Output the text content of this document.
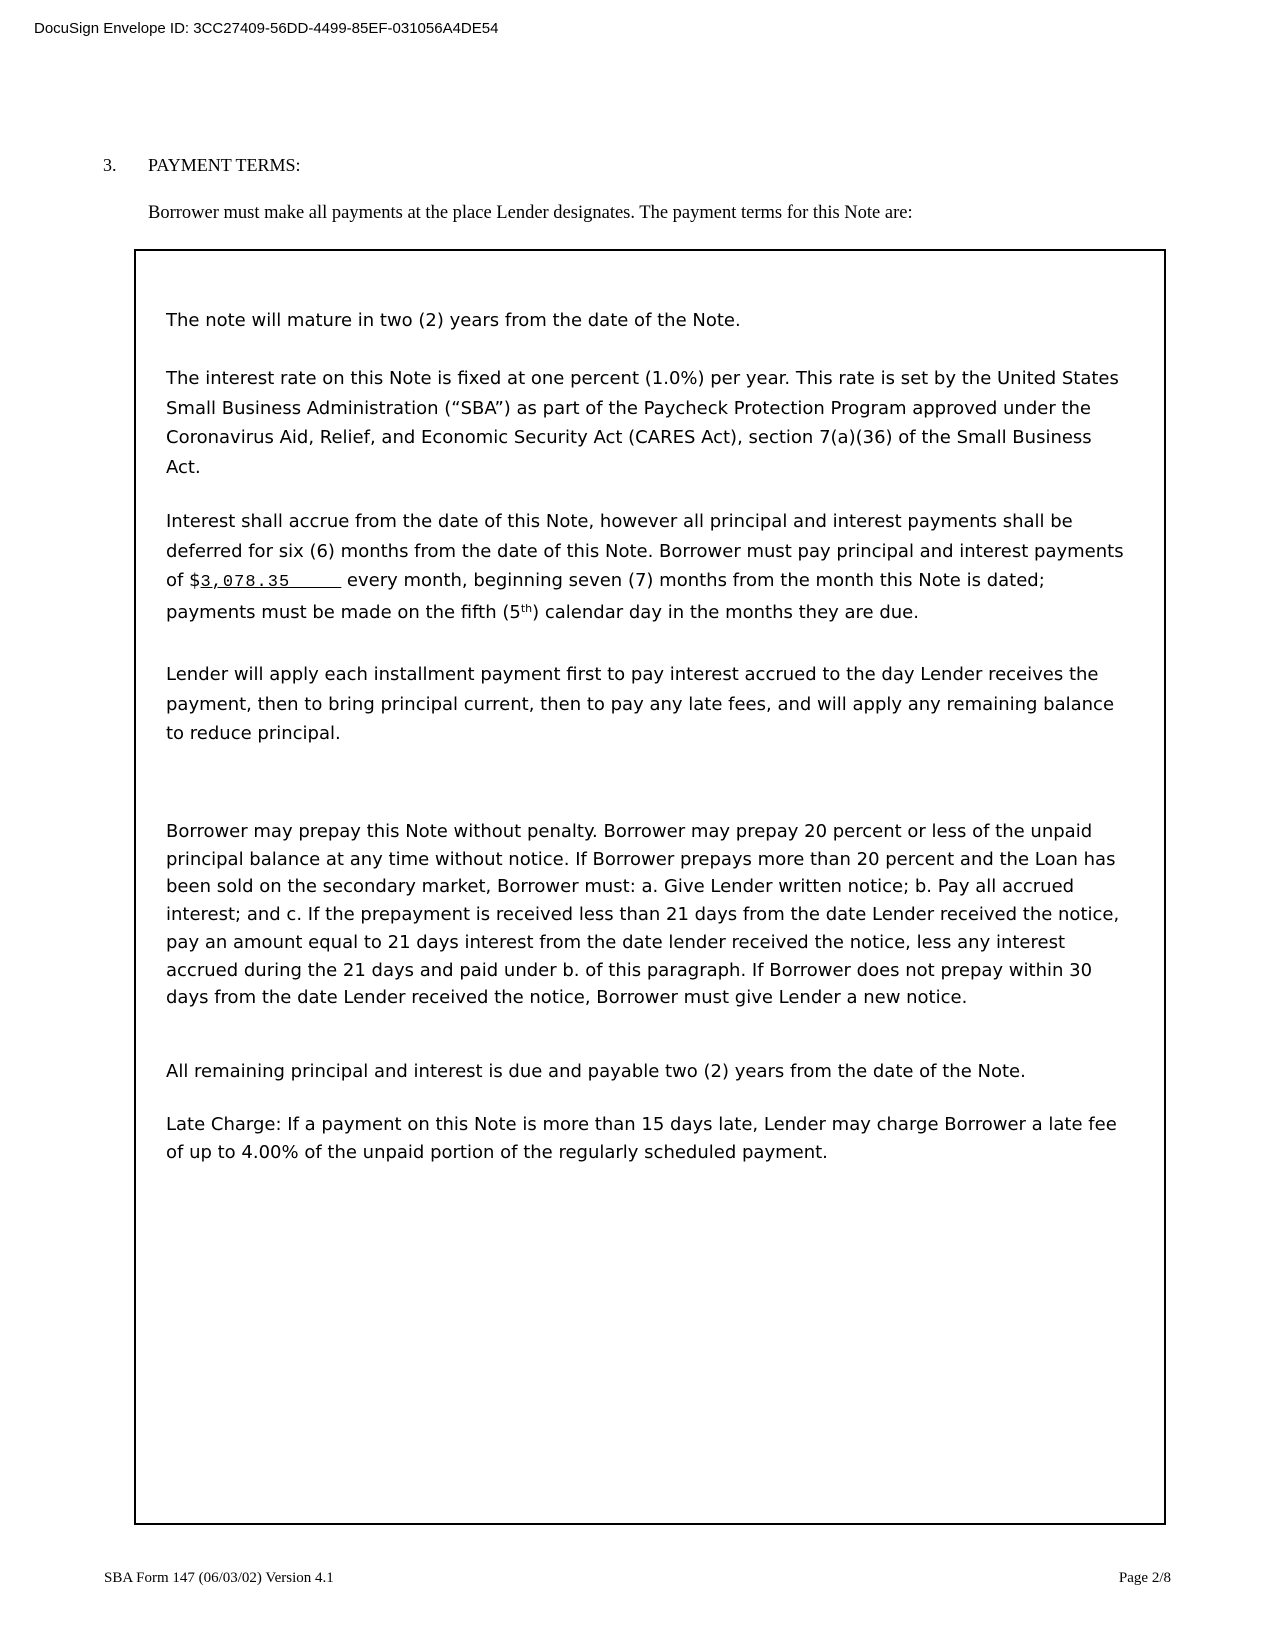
DocuSign Envelope ID: 3CC27409-56DD-4499-85EF-031056A4DE54
3. PAYMENT TERMS:
Borrower must make all payments at the place Lender designates. The payment terms for this Note are:

The note will mature in two (2) years from the date of the Note.

The interest rate on this Note is fixed at one percent (1.0%) per year. This rate is set by the United States Small Business Administration (“SBA”) as part of the Paycheck Protection Program approved under the Coronavirus Aid, Relief, and Economic Security Act (CARES Act), section 7(a)(36) of the Small Business Act.

Interest shall accrue from the date of this Note, however all principal and interest payments shall be deferred for six (6) months from the date of this Note. Borrower must pay principal and interest payments of $3,078.35_____ every month, beginning seven (7) months from the month this Note is dated; payments must be made on the fifth (5th) calendar day in the months they are due.

Lender will apply each installment payment first to pay interest accrued to the day Lender receives the payment, then to bring principal current, then to pay any late fees, and will apply any remaining balance to reduce principal.

Borrower may prepay this Note without penalty. Borrower may prepay 20 percent or less of the unpaid principal balance at any time without notice. If Borrower prepays more than 20 percent and the Loan has been sold on the secondary market, Borrower must: a. Give Lender written notice; b. Pay all accrued interest; and c. If the prepayment is received less than 21 days from the date Lender received the notice, pay an amount equal to 21 days interest from the date lender received the notice, less any interest accrued during the 21 days and paid under b. of this paragraph. If Borrower does not prepay within 30 days from the date Lender received the notice, Borrower must give Lender a new notice.

All remaining principal and interest is due and payable two (2) years from the date of the Note.

Late Charge: If a payment on this Note is more than 15 days late, Lender may charge Borrower a late fee of up to 4.00% of the unpaid portion of the regularly scheduled payment.

SBA Form 147 (06/03/02) Version 4.1	Page 2/8
